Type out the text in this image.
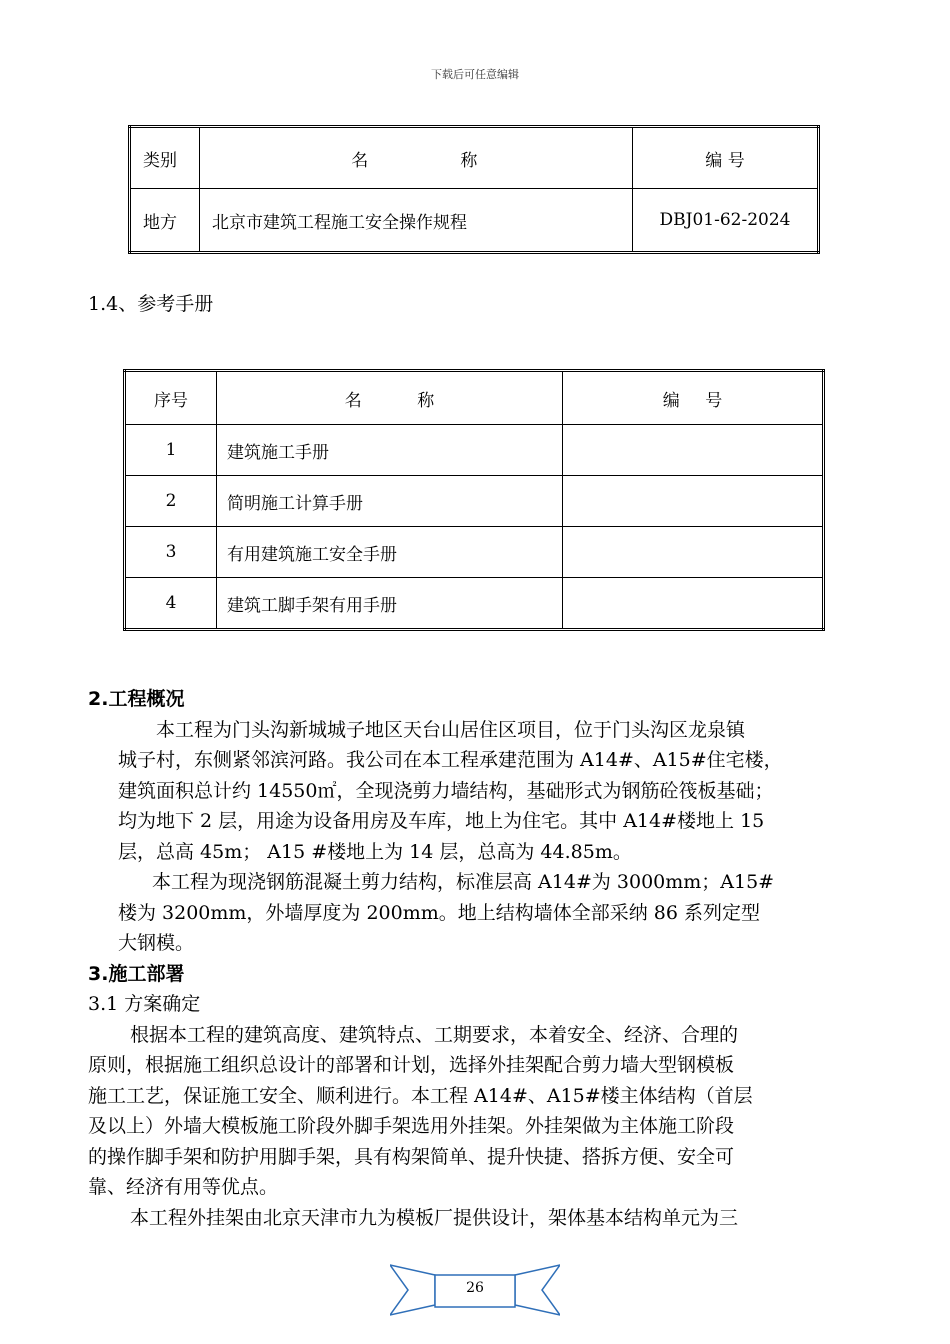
下载后可任意编辑
类别	名 称	编 号
地方	北京市建筑工程施工安全操作规程	DBJ01-62-2024
1.4、参考手册
序号	名 称	编 号
1	建筑施工手册	
2	简明施工计算手册	
3	有用建筑施工安全手册	
4	建筑工脚手架有用手册	
2.工程概况
本工程为门头沟新城城子地区天台山居住区项目，位于门头沟区龙泉镇
城子村，东侧紧邻滨河路。我公司在本工程承建范围为 A14#、A15#住宅楼，
建筑面积总计约 14550㎡，全现浇剪力墙结构，基础形式为钢筋砼筏板基础；
均为地下 2 层，用途为设备用房及车库，地上为住宅。其中 A14#楼地上 15
层，总高 45m； A15 #楼地上为 14 层，总高为 44.85m。
本工程为现浇钢筋混凝土剪力结构，标准层高 A14#为 3000mm；A15#
楼为 3200mm，外墙厚度为 200mm。地上结构墙体全部采纳 86 系列定型
大钢模。
3.施工部署
3.1 方案确定
根据本工程的建筑高度、建筑特点、工期要求，本着安全、经济、合理的
原则，根据施工组织总设计的部署和计划，选择外挂架配合剪力墙大型钢模板
施工工艺，保证施工安全、顺利进行。本工程 A14#、A15#楼主体结构（首层
及以上）外墙大模板施工阶段外脚手架选用外挂架。外挂架做为主体施工阶段
的操作脚手架和防护用脚手架，具有构架简单、提升快捷、搭拆方便、安全可
靠、经济有用等优点。
本工程外挂架由北京天津市九为模板厂提供设计，架体基本结构单元为三
26
